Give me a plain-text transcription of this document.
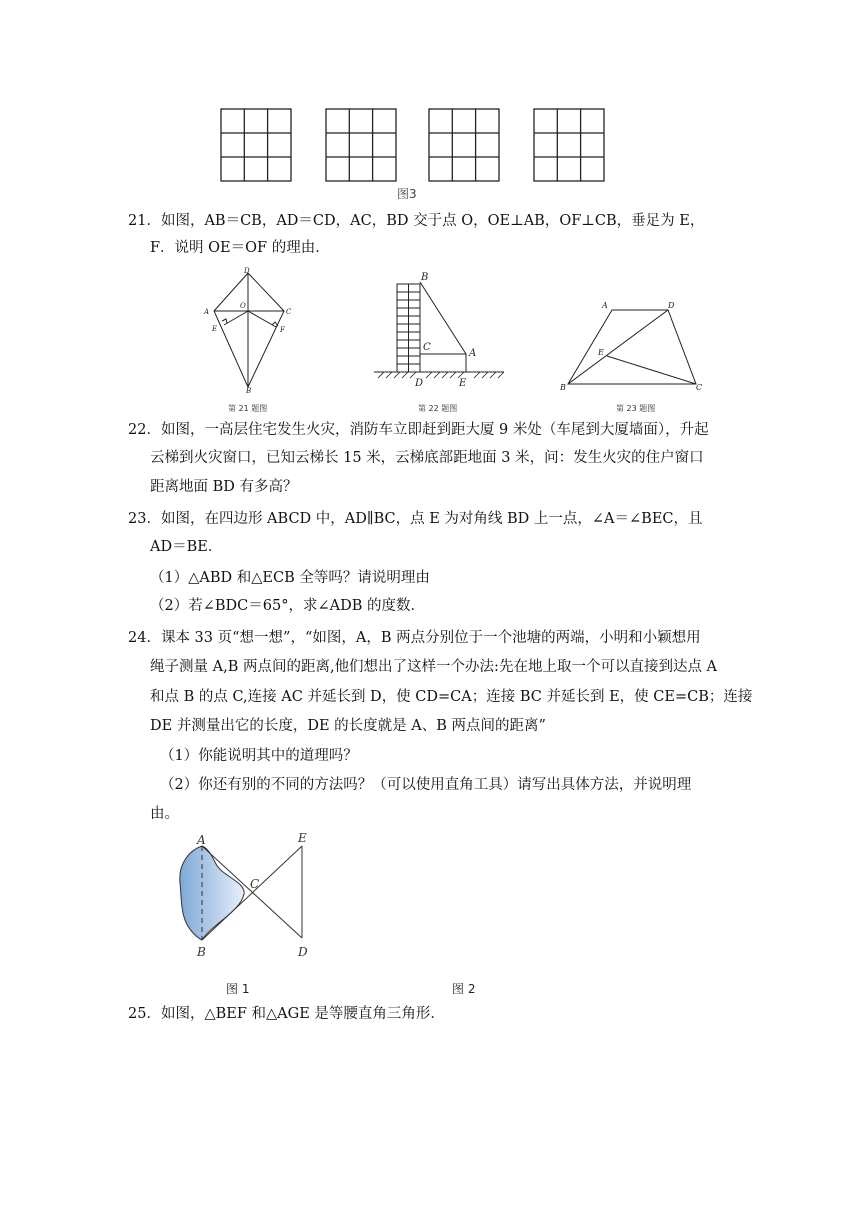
图3
21．如图，AB＝CB，AD＝CD，AC，BD 交于点 O，OE⊥AB，OF⊥CB，垂足为 E，
F．说明 OE＝OF 的理由．
D
A
O
C
E	F
B
第 21 题图
B
C
A
D	E
第 22 题图
A	D
E
B	C
第 23 题图
22．如图，一高层住宅发生火灾，消防车立即赶到距大厦 9 米处（车尾到大厦墙面），升起
云梯到火灾窗口，已知云梯长 15 米，云梯底部距地面 3 米，问：发生火灾的住户窗口
距离地面 BD 有多高？
23．如图，在四边形 ABCD 中，AD∥BC，点 E 为对角线 BD 上一点，∠A＝∠BEC，且
AD＝BE．
（1）△ABD 和△ECB 全等吗？请说明理由
（2）若∠BDC＝65°，求∠ADB 的度数．
24．课本 33 页“想一想”，“如图，A，B 两点分别位于一个池塘的两端，小明和小颖想用
绳子测量 A,B 两点间的距离,他们想出了这样一个办法:先在地上取一个可以直接到达点 A
和点 B 的点 C,连接 AC 并延长到 D，使 CD=CA；连接 BC 并延长到 E，使 CE=CB；连接
DE 并测量出它的长度，DE 的长度就是 A、B 两点间的距离”
（1）你能说明其中的道理吗？
（2）你还有别的不同的方法吗？（可以使用直角工具）请写出具体方法，并说明理
由。
A
B
C
E
D
图 1	图 2
25．如图，△BEF 和△AGE 是等腰直角三角形．
